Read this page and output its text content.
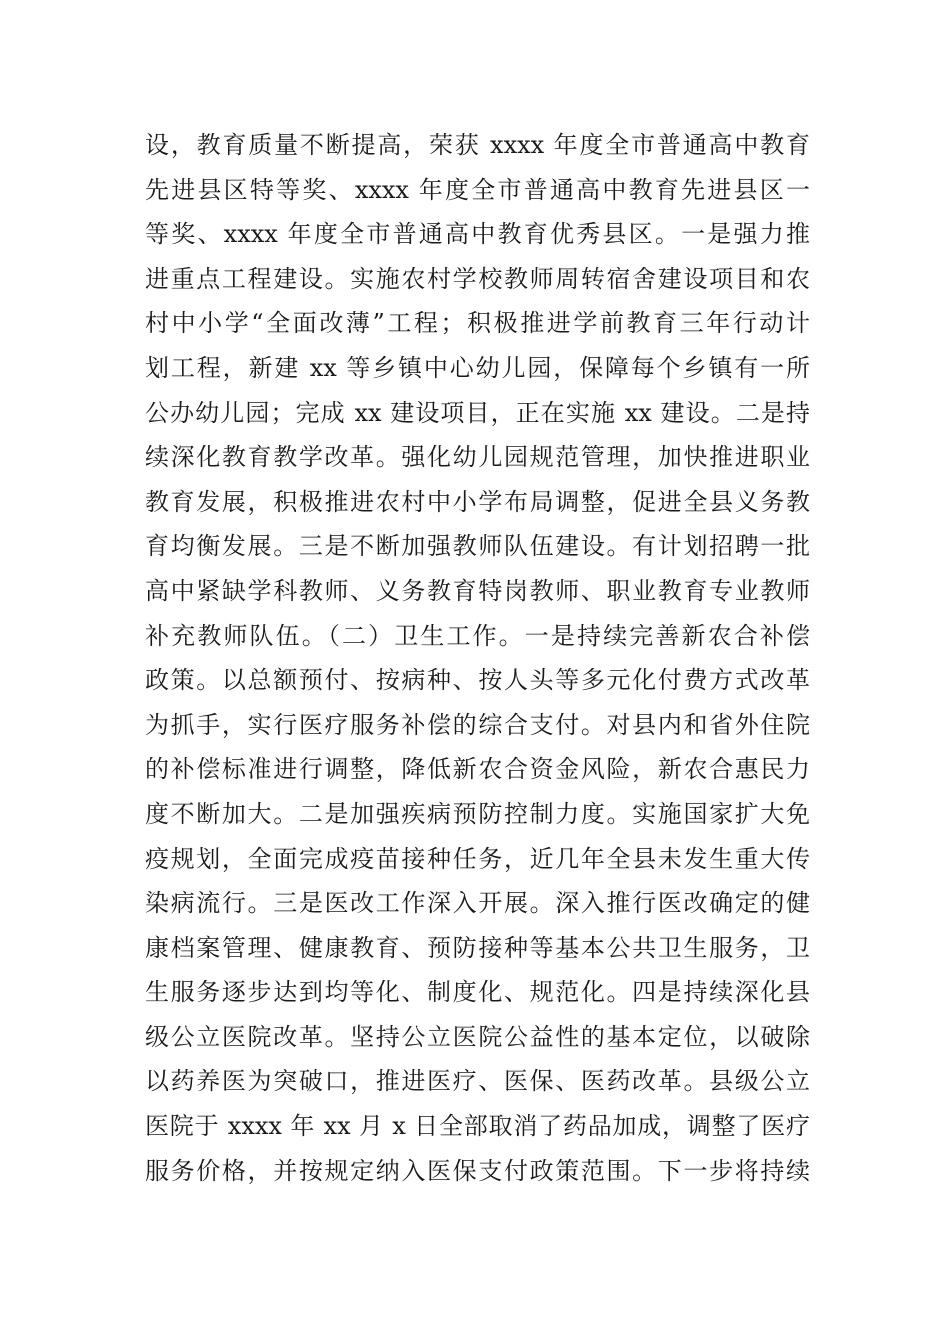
设，教育质量不断提高，荣获 xxxx 年度全市普通高中教育
先进县区特等奖、xxxx 年度全市普通高中教育先进县区一
等奖、xxxx 年度全市普通高中教育优秀县区。一是强力推
进重点工程建设。实施农村学校教师周转宿舍建设项目和农
村中小学“全面改薄”工程；积极推进学前教育三年行动计
划工程，新建 xx 等乡镇中心幼儿园，保障每个乡镇有一所
公办幼儿园；完成 xx 建设项目，正在实施 xx 建设。二是持
续深化教育教学改革。强化幼儿园规范管理，加快推进职业
教育发展，积极推进农村中小学布局调整，促进全县义务教
育均衡发展。三是不断加强教师队伍建设。有计划招聘一批
高中紧缺学科教师、义务教育特岗教师、职业教育专业教师
补充教师队伍。（二）卫生工作。一是持续完善新农合补偿
政策。以总额预付、按病种、按人头等多元化付费方式改革
为抓手，实行医疗服务补偿的综合支付。对县内和省外住院
的补偿标准进行调整，降低新农合资金风险，新农合惠民力
度不断加大。二是加强疾病预防控制力度。实施国家扩大免
疫规划，全面完成疫苗接种任务，近几年全县未发生重大传
染病流行。三是医改工作深入开展。深入推行医改确定的健
康档案管理、健康教育、预防接种等基本公共卫生服务，卫
生服务逐步达到均等化、制度化、规范化。四是持续深化县
级公立医院改革。坚持公立医院公益性的基本定位，以破除
以药养医为突破口，推进医疗、医保、医药改革。县级公立
医院于 xxxx 年 xx 月 x 日全部取消了药品加成，调整了医疗
服务价格，并按规定纳入医保支付政策范围。下一步将持续
